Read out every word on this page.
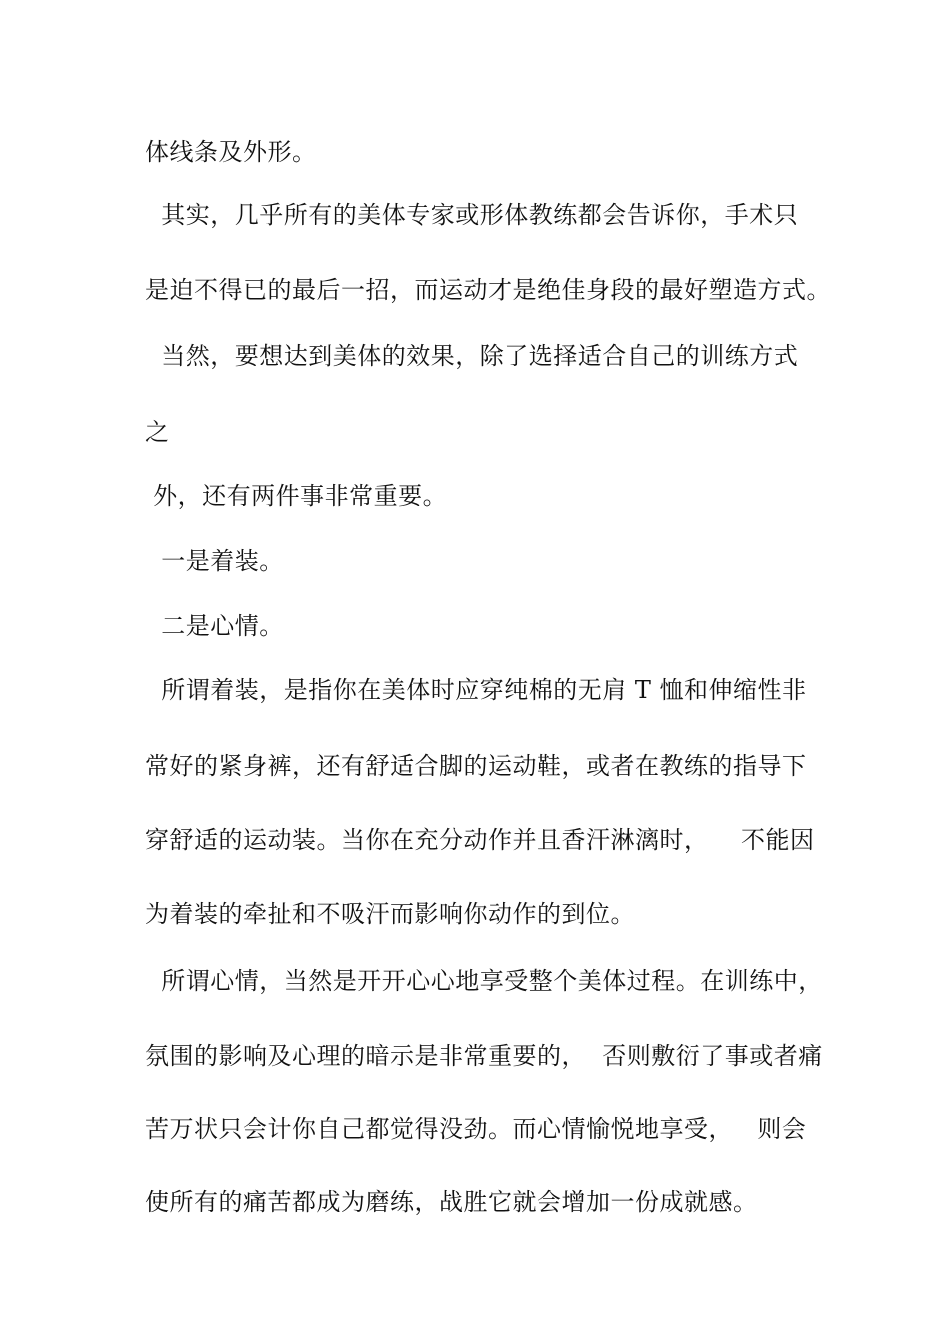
体线条及外形。
其实，几乎所有的美体专家或形体教练都会告诉你，手术只
是迫不得已的最后一招，而运动才是绝佳身段的最好塑造方式。
当然，要想达到美体的效果，除了选择适合自己的训练方式
之
外，还有两件事非常重要。
一是着装。
二是心情。
所谓着装，是指你在美体时应穿纯棉的无肩 T 恤和伸缩性非
常好的紧身裤，还有舒适合脚的运动鞋，或者在教练的指导下
穿舒适的运动装。当你在充分动作并且香汗淋漓时，    不能因
为着装的牵扯和不吸汗而影响你动作的到位。
所谓心情，当然是开开心心地享受整个美体过程。在训练中，
氛围的影响及心理的暗示是非常重要的，  否则敷衍了事或者痛
苦万状只会计你自己都觉得没劲。而心情愉悦地享受，   则会
使所有的痛苦都成为磨练，战胜它就会增加一份成就感。
